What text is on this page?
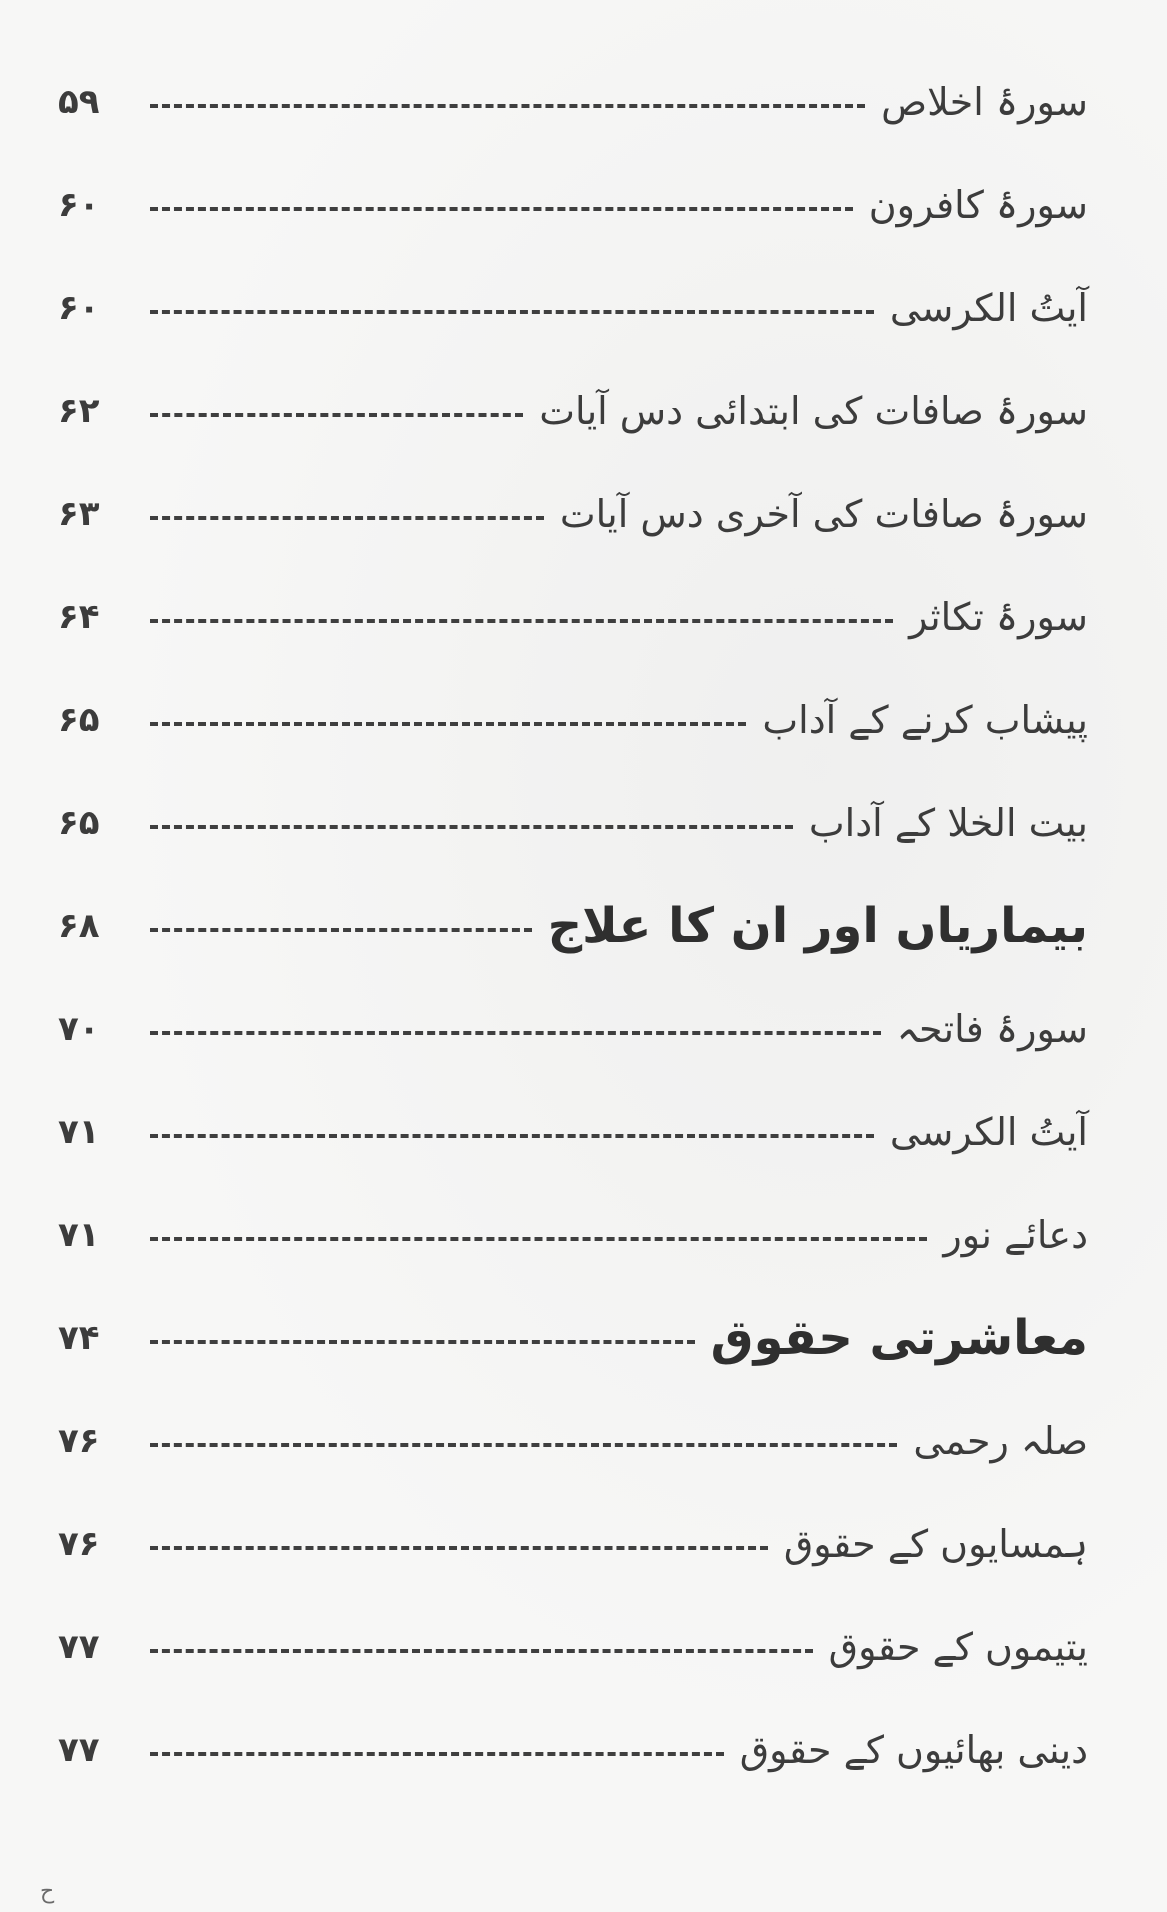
سورۂ اخلاص
۵۹
سورۂ کافرون
۶۰
آیتُ الکرسی
۶۰
سورۂ صافات کی ابتدائی دس آیات
۶۲
سورۂ صافات کی آخری دس آیات
۶۳
سورۂ تکاثر
۶۴
پیشاب کرنے کے آداب
۶۵
بیت الخلا کے آداب
۶۵
بیماریاں اور ان کا علاج
۶۸
سورۂ فاتحہ
۷۰
آیتُ الکرسی
۷۱
دعائے نور
۷۱
معاشرتی حقوق
۷۴
صلہ رحمی
۷۶
ہمسایوں کے حقوق
۷۶
یتیموں کے حقوق
۷۷
دینی بھائیوں کے حقوق
۷۷
ح
